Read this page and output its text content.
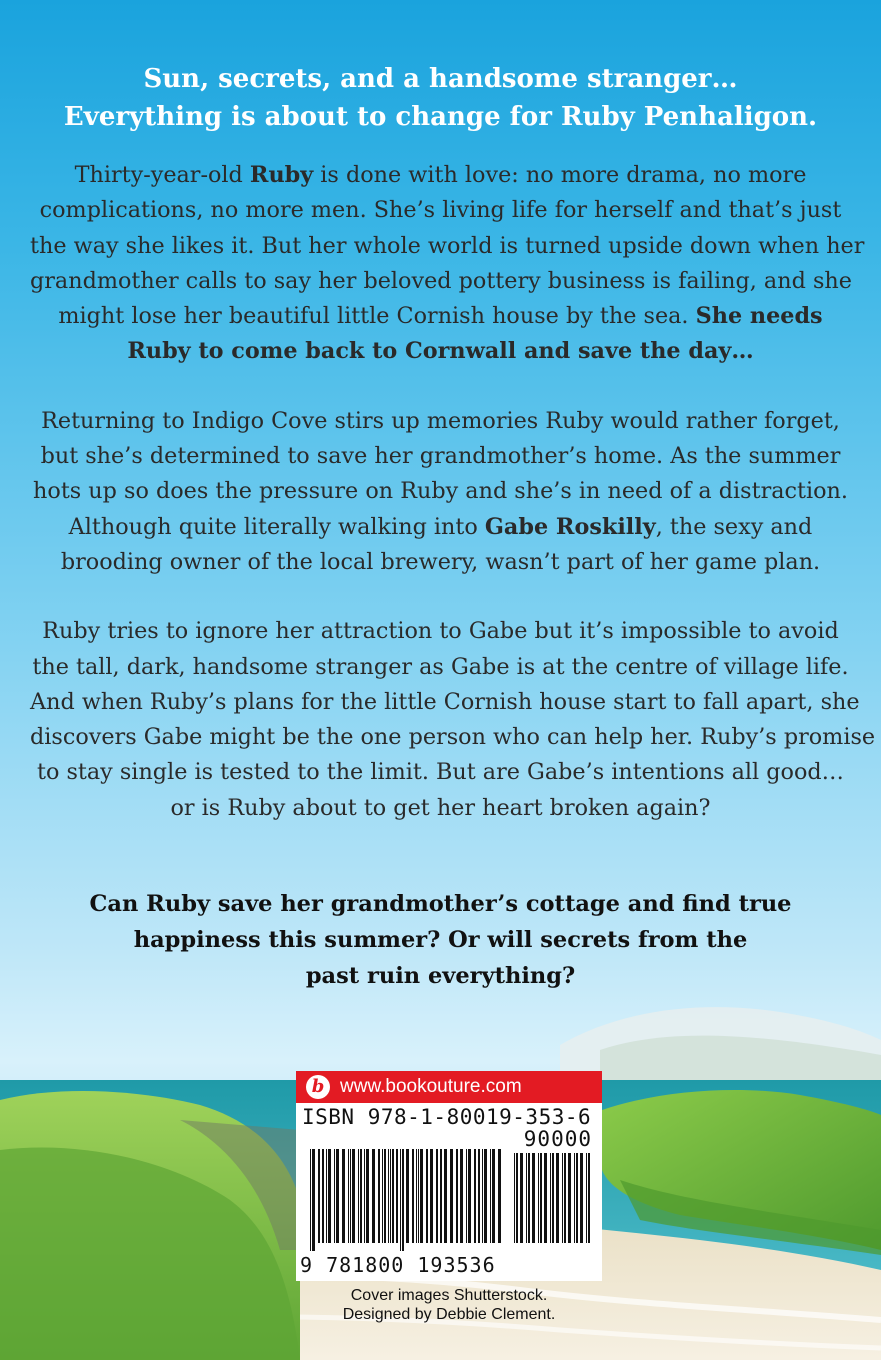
Sun, secrets, and a handsome stranger…
Everything is about to change for Ruby Penhaligon.

Thirty-year-old Ruby is done with love: no more drama, no more
complications, no more men. She’s living life for herself and that’s just
the way she likes it. But her whole world is turned upside down when her
grandmother calls to say her beloved pottery business is failing, and she
might lose her beautiful little Cornish house by the sea. She needs
Ruby to come back to Cornwall and save the day…

Returning to Indigo Cove stirs up memories Ruby would rather forget,
but she’s determined to save her grandmother’s home. As the summer
hots up so does the pressure on Ruby and she’s in need of a distraction.
Although quite literally walking into Gabe Roskilly, the sexy and
brooding owner of the local brewery, wasn’t part of her game plan.

Ruby tries to ignore her attraction to Gabe but it’s impossible to avoid
the tall, dark, handsome stranger as Gabe is at the centre of village life.
And when Ruby’s plans for the little Cornish house start to fall apart, she
discovers Gabe might be the one person who can help her. Ruby’s promise
to stay single is tested to the limit. But are Gabe’s intentions all good…
or is Ruby about to get her heart broken again?

Can Ruby save her grandmother’s cottage and find true
happiness this summer? Or will secrets from the
past ruin everything?
b www.bookouture.com
ISBN 978-1-80019-353-6
90000
9 781800 193536
Cover images Shutterstock.
Designed by Debbie Clement.
